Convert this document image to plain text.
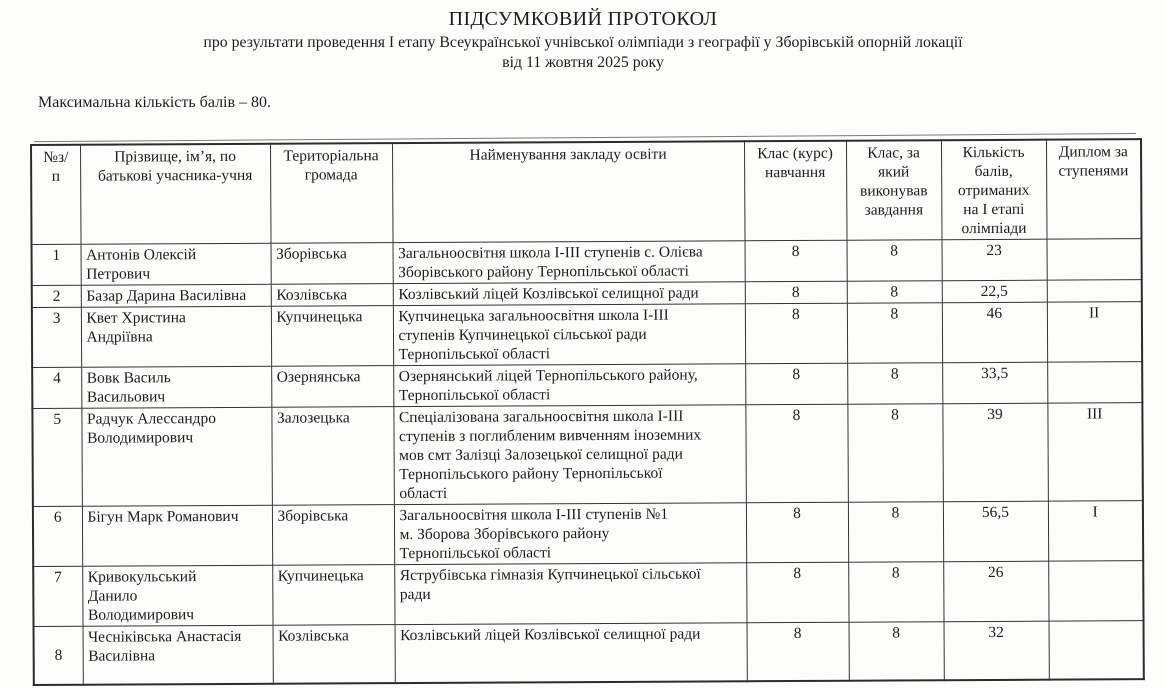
ПІДСУМКОВИЙ ПРОТОКОЛ
про результати проведення І етапу Всеукраїнської учнівської олімпіади з географії у Зборівській опорній локації
від 11 жовтня 2025 року
Максимальна кількість балів – 80.
№з/
п	Прізвище, ім’я, по
батькові учасника-учня	Територіальна
громада	Найменування закладу освіти	Клас (курс)
навчання	Клас, за
який
виконував
завдання	Кількість
балів,
отриманих
на І етапі
олімпіади	Диплом за
ступенями
1	Антонів Олексій
Петрович	Зборівська	Загальноосвітня школа І-ІІІ ступенів с. Олієва
Зборівського району Тернопільської області	8	8	23	
2	Базар Дарина Василівна	Козлівська	Козлівський ліцей Козлівської селищної ради	8	8	22,5	
3	Квет Христина
Андріївна	Купчинецька	Купчинецька загальноосвітня школа І-ІІІ
ступенів Купчинецької сільської ради
Тернопільської області	8	8	46	II
4	Вовк Василь
Васильович	Озернянська	Озернянський ліцей Тернопільського району,
Тернопільської області	8	8	33,5	
5	Радчук Алессандро
Володимирович	Залозецька	Спеціалізована загальноосвітня школа І-ІІІ
ступенів з поглибленим вивченням іноземних
мов смт Залізці Залозецької селищної ради
Тернопільського району Тернопільської
області	8	8	39	III
6	Бігун Марк Романович	Зборівська	Загальноосвітня школа І-ІІІ ступенів №1
м. Зборова Зборівського району
Тернопільської області	8	8	56,5	I
7	Кривокульський
Данило
Володимирович	Купчинецька	Яструбівська гімназія Купчинецької сільської
ради	8	8	26	
8	Чесніківська Анастасія
Василівна	Козлівська	Козлівський ліцей Козлівської селищної ради	8	8	32	
